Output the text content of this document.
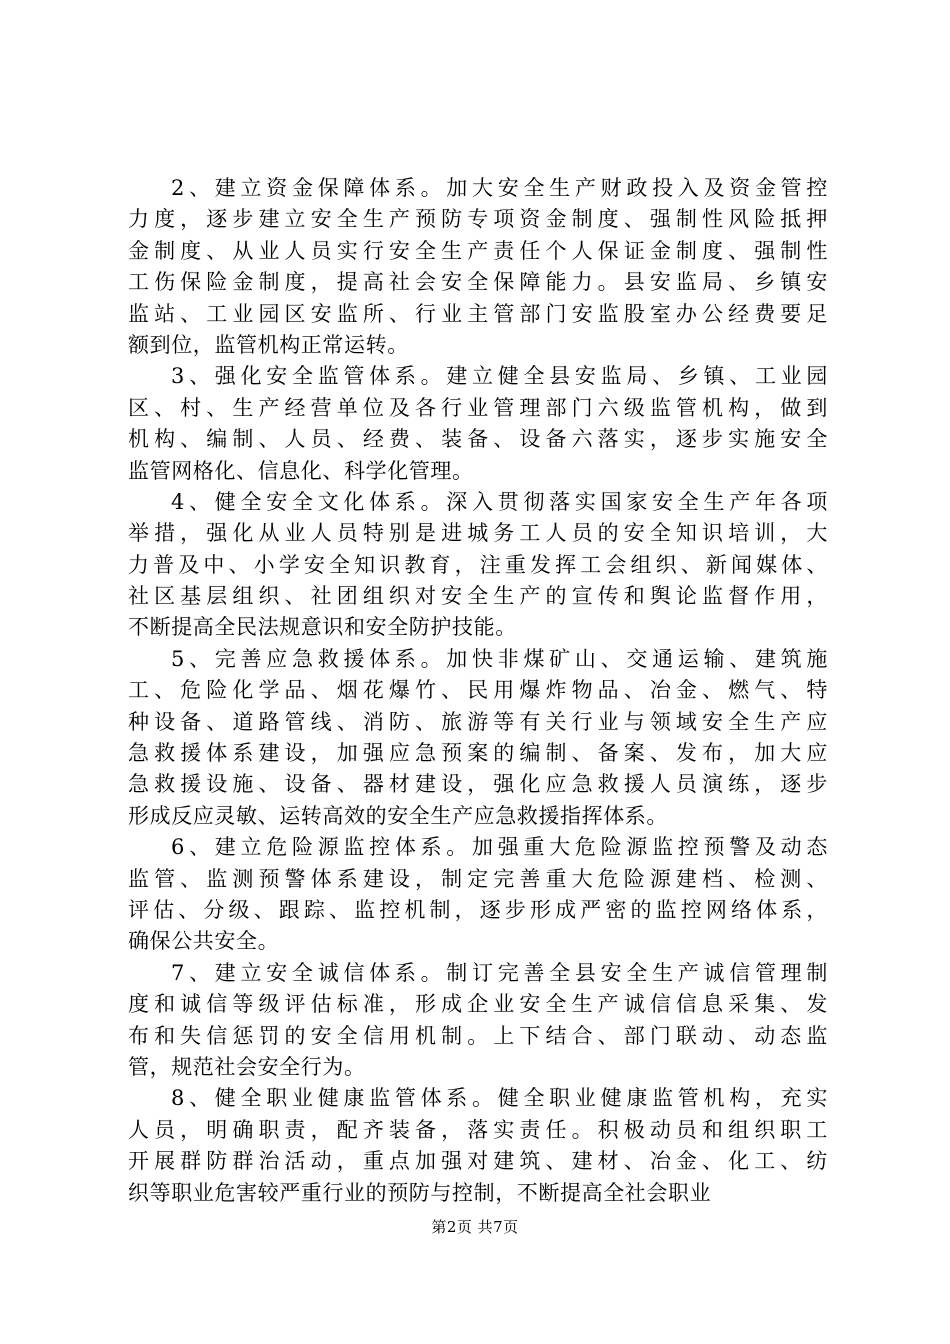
2、建立资金保障体系。加大安全生产财政投入及资金管控
力度，逐步建立安全生产预防专项资金制度、强制性风险抵押
金制度、从业人员实行安全生产责任个人保证金制度、强制性
工伤保险金制度，提高社会安全保障能力。县安监局、乡镇安
监站、工业园区安监所、行业主管部门安监股室办公经费要足
额到位，监管机构正常运转。
3、强化安全监管体系。建立健全县安监局、乡镇、工业园
区、村、生产经营单位及各行业管理部门六级监管机构，做到
机构、编制、人员、经费、装备、设备六落实，逐步实施安全
监管网格化、信息化、科学化管理。
4、健全安全文化体系。深入贯彻落实国家安全生产年各项
举措，强化从业人员特别是进城务工人员的安全知识培训，大
力普及中、小学安全知识教育，注重发挥工会组织、新闻媒体、
社区基层组织、社团组织对安全生产的宣传和舆论监督作用，
不断提高全民法规意识和安全防护技能。
5、完善应急救援体系。加快非煤矿山、交通运输、建筑施
工、危险化学品、烟花爆竹、民用爆炸物品、冶金、燃气、特
种设备、道路管线、消防、旅游等有关行业与领域安全生产应
急救援体系建设，加强应急预案的编制、备案、发布，加大应
急救援设施、设备、器材建设，强化应急救援人员演练，逐步
形成反应灵敏、运转高效的安全生产应急救援指挥体系。
6、建立危险源监控体系。加强重大危险源监控预警及动态
监管、监测预警体系建设，制定完善重大危险源建档、检测、
评估、分级、跟踪、监控机制，逐步形成严密的监控网络体系，
确保公共安全。
7、建立安全诚信体系。制订完善全县安全生产诚信管理制
度和诚信等级评估标准，形成企业安全生产诚信信息采集、发
布和失信惩罚的安全信用机制。上下结合、部门联动、动态监
管，规范社会安全行为。
8、健全职业健康监管体系。健全职业健康监管机构，充实
人员，明确职责，配齐装备，落实责任。积极动员和组织职工
开展群防群治活动，重点加强对建筑、建材、冶金、化工、纺
织等职业危害较严重行业的预防与控制，不断提高全社会职业
第2页 共7页
